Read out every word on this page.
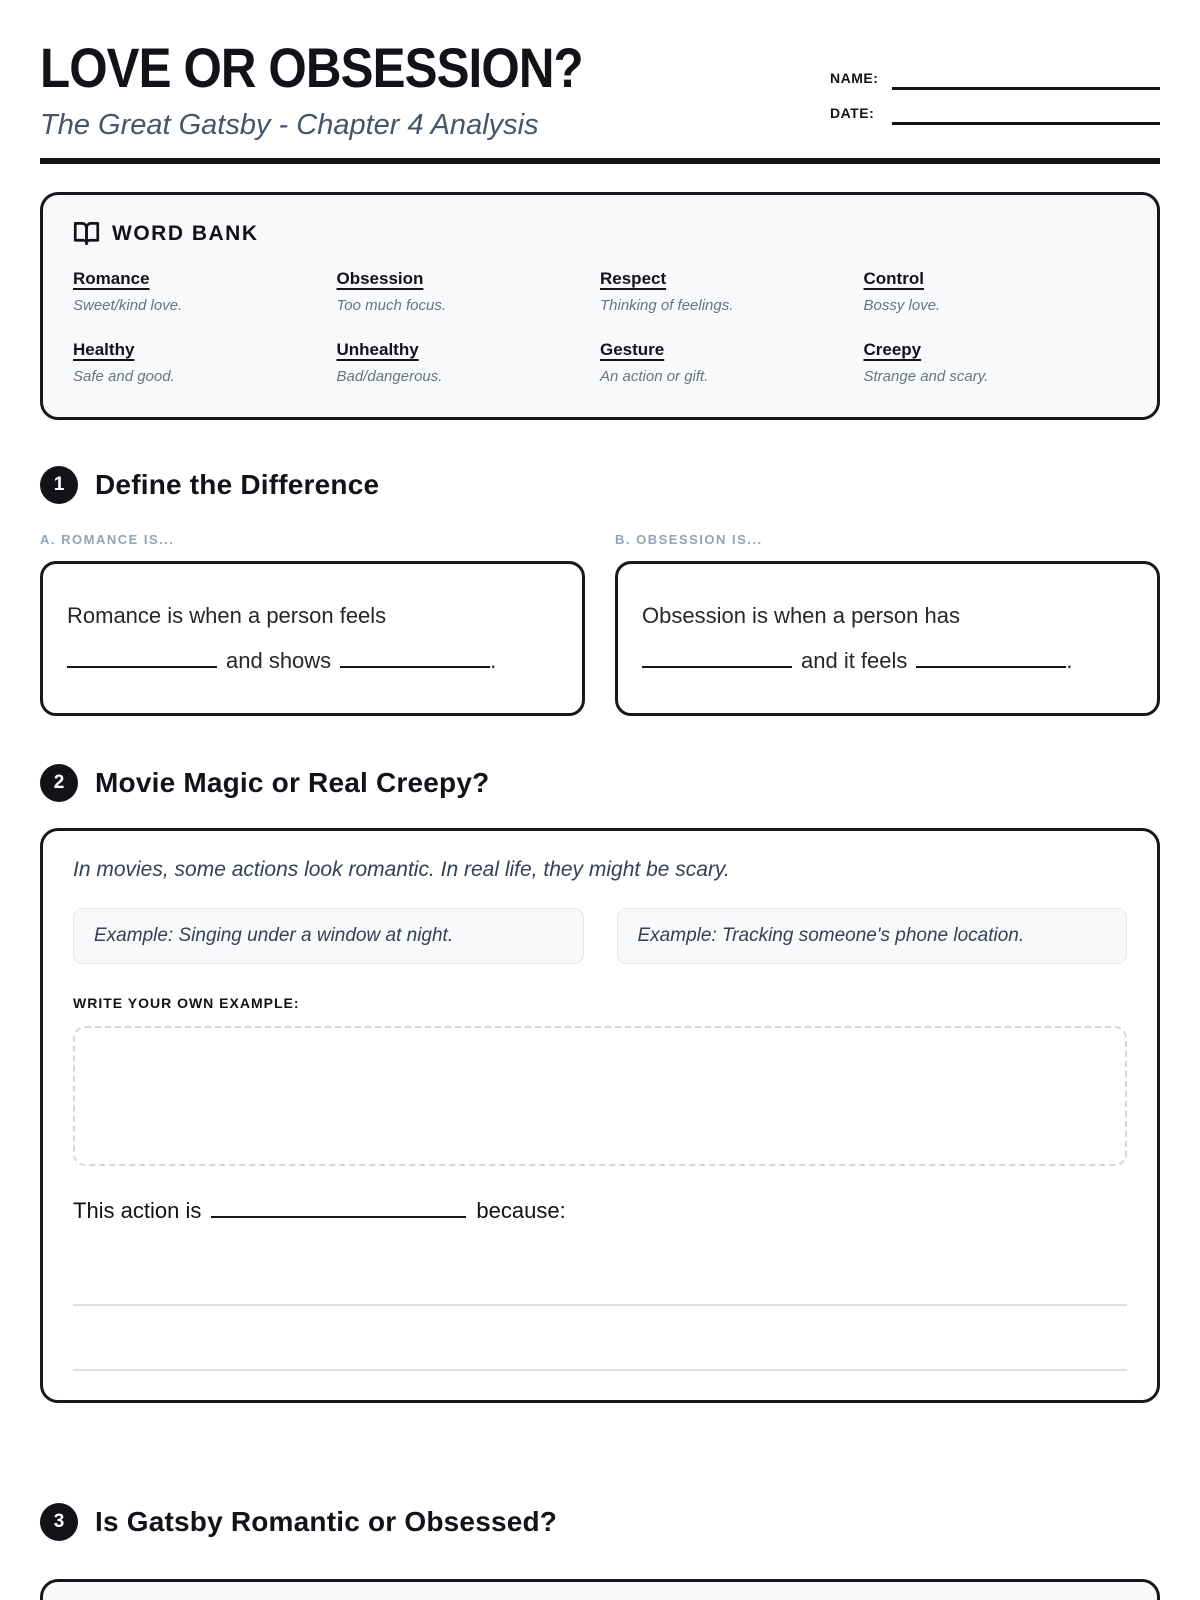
LOVE OR OBSESSION?
The Great Gatsby - Chapter 4 Analysis
NAME:
DATE:
WORD BANK
Romance
Sweet/kind love.
Obsession
Too much focus.
Respect
Thinking of feelings.
Control
Bossy love.
Healthy
Safe and good.
Unhealthy
Bad/dangerous.
Gesture
An action or gift.
Creepy
Strange and scary.
1	Define the Difference
A. ROMANCE IS...	B. OBSESSION IS...
Romance is when a person feels
and shows	.
Obsession is when a person has
and it feels	.
2	Movie Magic or Real Creepy?
In movies, some actions look romantic. In real life, they might be scary.
Example: Singing under a window at night.	Example: Tracking someone's phone location.
WRITE YOUR OWN EXAMPLE:
This action is	because:
3	Is Gatsby Romantic or Obsessed?
